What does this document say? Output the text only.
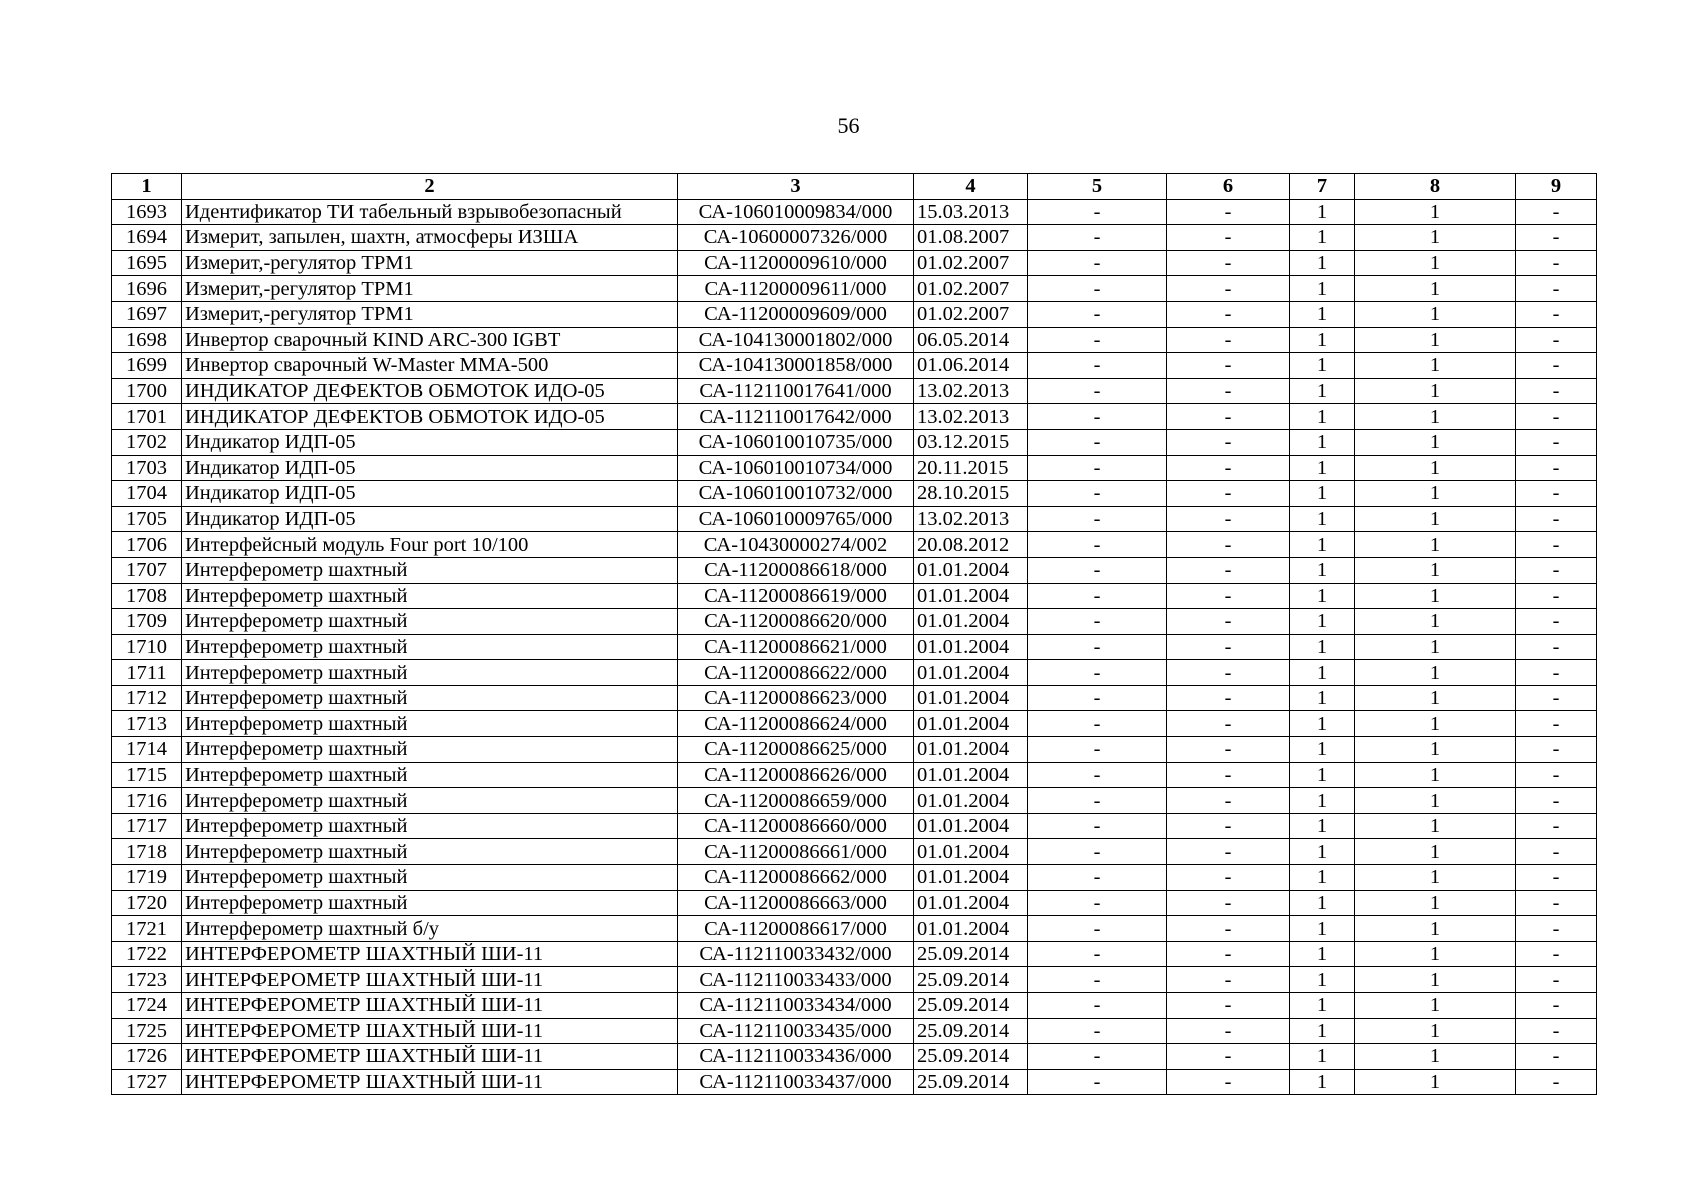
56
1	2	3	4	5	6	7	8	9
1693	Идентификатор ТИ табельный взрывобезопасный	СА-106010009834/000	15.03.2013	-	-	1	1	-
1694	Измерит, запылен, шахтн, атмосферы ИЗША	СА-10600007326/000	01.08.2007	-	-	1	1	-
1695	Измерит,-регулятор ТРМ1	СА-11200009610/000	01.02.2007	-	-	1	1	-
1696	Измерит,-регулятор ТРМ1	СА-11200009611/000	01.02.2007	-	-	1	1	-
1697	Измерит,-регулятор ТРМ1	СА-11200009609/000	01.02.2007	-	-	1	1	-
1698	Инвертор сварочный KIND ARC-300 IGBT	СА-104130001802/000	06.05.2014	-	-	1	1	-
1699	Инвертор сварочный W-Master ММА-500	СА-104130001858/000	01.06.2014	-	-	1	1	-
1700	ИНДИКАТОР ДЕФЕКТОВ ОБМОТОК ИДО-05	СА-112110017641/000	13.02.2013	-	-	1	1	-
1701	ИНДИКАТОР ДЕФЕКТОВ ОБМОТОК ИДО-05	СА-112110017642/000	13.02.2013	-	-	1	1	-
1702	Индикатор ИДП-05	СА-106010010735/000	03.12.2015	-	-	1	1	-
1703	Индикатор ИДП-05	СА-106010010734/000	20.11.2015	-	-	1	1	-
1704	Индикатор ИДП-05	СА-106010010732/000	28.10.2015	-	-	1	1	-
1705	Индикатор ИДП-05	СА-106010009765/000	13.02.2013	-	-	1	1	-
1706	Интерфейсный модуль Four port 10/100	СА-10430000274/002	20.08.2012	-	-	1	1	-
1707	Интерферометр шахтный	СА-11200086618/000	01.01.2004	-	-	1	1	-
1708	Интерферометр шахтный	СА-11200086619/000	01.01.2004	-	-	1	1	-
1709	Интерферометр шахтный	СА-11200086620/000	01.01.2004	-	-	1	1	-
1710	Интерферометр шахтный	СА-11200086621/000	01.01.2004	-	-	1	1	-
1711	Интерферометр шахтный	СА-11200086622/000	01.01.2004	-	-	1	1	-
1712	Интерферометр шахтный	СА-11200086623/000	01.01.2004	-	-	1	1	-
1713	Интерферометр шахтный	СА-11200086624/000	01.01.2004	-	-	1	1	-
1714	Интерферометр шахтный	СА-11200086625/000	01.01.2004	-	-	1	1	-
1715	Интерферометр шахтный	СА-11200086626/000	01.01.2004	-	-	1	1	-
1716	Интерферометр шахтный	СА-11200086659/000	01.01.2004	-	-	1	1	-
1717	Интерферометр шахтный	СА-11200086660/000	01.01.2004	-	-	1	1	-
1718	Интерферометр шахтный	СА-11200086661/000	01.01.2004	-	-	1	1	-
1719	Интерферометр шахтный	СА-11200086662/000	01.01.2004	-	-	1	1	-
1720	Интерферометр шахтный	СА-11200086663/000	01.01.2004	-	-	1	1	-
1721	Интерферометр шахтный б/у	СА-11200086617/000	01.01.2004	-	-	1	1	-
1722	ИНТЕРФЕРОМЕТР ШАХТНЫЙ ШИ-11	СА-112110033432/000	25.09.2014	-	-	1	1	-
1723	ИНТЕРФЕРОМЕТР ШАХТНЫЙ ШИ-11	СА-112110033433/000	25.09.2014	-	-	1	1	-
1724	ИНТЕРФЕРОМЕТР ШАХТНЫЙ ШИ-11	СА-112110033434/000	25.09.2014	-	-	1	1	-
1725	ИНТЕРФЕРОМЕТР ШАХТНЫЙ ШИ-11	СА-112110033435/000	25.09.2014	-	-	1	1	-
1726	ИНТЕРФЕРОМЕТР ШАХТНЫЙ ШИ-11	СА-112110033436/000	25.09.2014	-	-	1	1	-
1727	ИНТЕРФЕРОМЕТР ШАХТНЫЙ ШИ-11	СА-112110033437/000	25.09.2014	-	-	1	1	-
